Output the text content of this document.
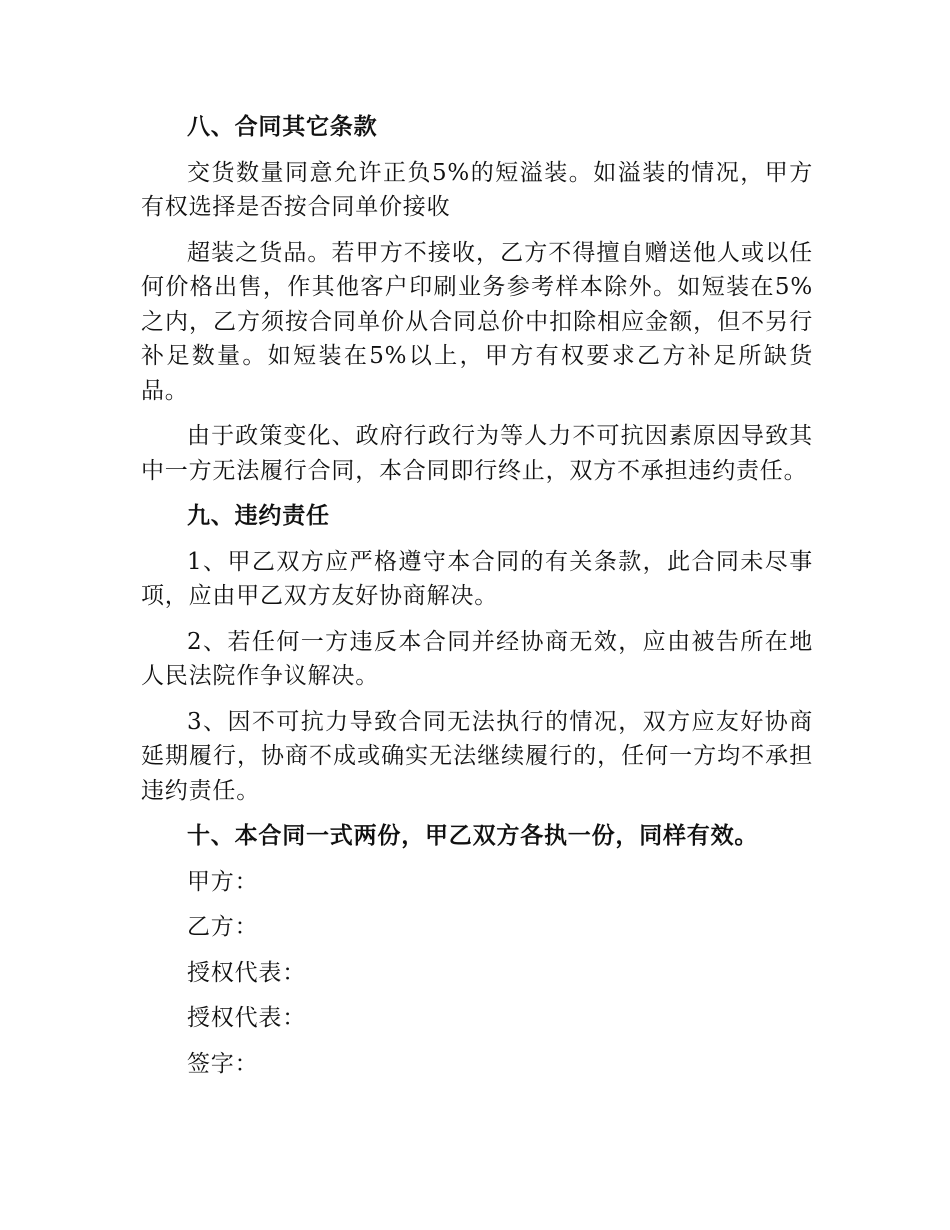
八、合同其它条款

交货数量同意允许正负5%的短溢装。如溢装的情况，甲方有权选择是否按合同单价接收

超装之货品。若甲方不接收，乙方不得擅自赠送他人或以任何价格出售，作其他客户印刷业务参考样本除外。如短装在5%之内，乙方须按合同单价从合同总价中扣除相应金额，但不另行补足数量。如短装在5%以上，甲方有权要求乙方补足所缺货品。

由于政策变化、政府行政行为等人力不可抗因素原因导致其中一方无法履行合同，本合同即行终止，双方不承担违约责任。

九、违约责任

1、甲乙双方应严格遵守本合同的有关条款，此合同未尽事项，应由甲乙双方友好协商解决。

2、若任何一方违反本合同并经协商无效，应由被告所在地人民法院作争议解决。

3、因不可抗力导致合同无法执行的情况，双方应友好协商延期履行，协商不成或确实无法继续履行的，任何一方均不承担违约责任。

十、本合同一式两份，甲乙双方各执一份，同样有效。

甲方：

乙方：

授权代表：

授权代表：

签字：
